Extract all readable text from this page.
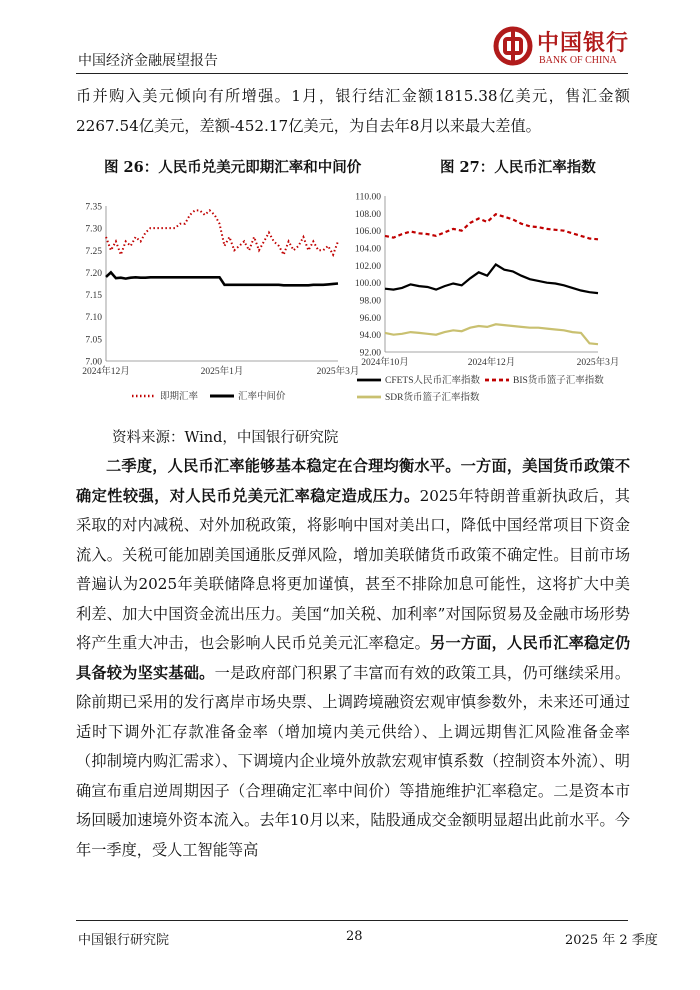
中国经济金融展望报告
中国银行
BANK OF CHINA

币并购入美元倾向有所增强。1月，银行结汇金额1815.38亿美元，售汇金额2267.54亿美元，差额-452.17亿美元，为自去年8月以来最大差值。

图 26：人民币兑美元即期汇率和中间价	图 27：人民币汇率指数
7.00
7.05
7.10
7.15
7.20
7.25
7.30
7.35
2024年12月	2025年1月	2025年3月
即期汇率	汇率中间价
92.00
94.00
96.00
98.00
100.00
102.00
104.00
106.00
108.00
110.00
2024年10月	2024年12月	2025年3月
CFETS人民币汇率指数	BIS货币篮子汇率指数
SDR货币篮子汇率指数
资料来源：Wind，中国银行研究院

二季度，人民币汇率能够基本稳定在合理均衡水平。一方面，美国货币政策不确定性较强，对人民币兑美元汇率稳定造成压力。2025年特朗普重新执政后，其采取的对内减税、对外加税政策，将影响中国对美出口，降低中国经常项目下资金流入。关税可能加剧美国通胀反弹风险，增加美联储货币政策不确定性。目前市场普遍认为2025年美联储降息将更加谨慎，甚至不排除加息可能性，这将扩大中美利差、加大中国资金流出压力。美国“加关税、加利率”对国际贸易及金融市场形势将产生重大冲击，也会影响人民币兑美元汇率稳定。另一方面，人民币汇率稳定仍具备较为坚实基础。一是政府部门积累了丰富而有效的政策工具，仍可继续采用。除前期已采用的发行离岸市场央票、上调跨境融资宏观审慎参数外，未来还可通过适时下调外汇存款准备金率（增加境内美元供给）、上调远期售汇风险准备金率（抑制境内购汇需求）、下调境内企业境外放款宏观审慎系数（控制资本外流）、明确宣布重启逆周期因子（合理确定汇率中间价）等措施维护汇率稳定。二是资本市场回暖加速境外资本流入。去年10月以来，陆股通成交金额明显超出此前水平。今年一季度，受人工智能等高

中国银行研究院	28	2025 年 2 季度
